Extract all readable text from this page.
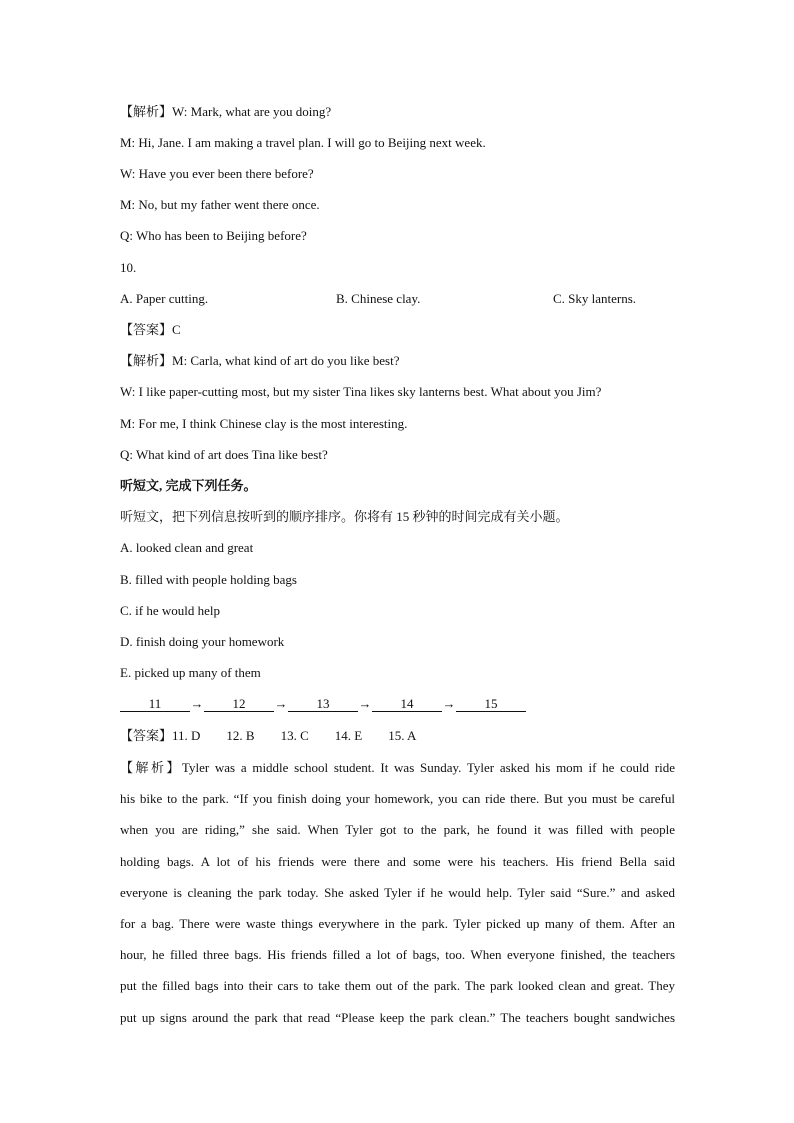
【解析】W: Mark, what are you doing?
M: Hi, Jane. I am making a travel plan. I will go to Beijing next week.
W: Have you ever been there before?
M: No, but my father went there once.
Q: Who has been to Beijing before?
10.
A. Paper cutting.	B. Chinese clay.	C. Sky lanterns.
【答案】C
【解析】M: Carla, what kind of art do you like best?
W: I like paper-cutting most, but my sister Tina likes sky lanterns best. What about you Jim?
M: For me, I think Chinese clay is the most interesting.
Q: What kind of art does Tina like best?
听短文, 完成下列任务。
听短文，把下列信息按听到的顺序排序。你将有 15 秒钟的时间完成有关小题。
A. looked clean and great
B. filled with people holding bags
C. if he would help
D. finish doing your homework
E. picked up many of them
11 → 12 → 13 → 14 → 15
【答案】11. D 12. B 13. C 14. E 15. A
【解析】Tyler was a middle school student. It was Sunday. Tyler asked his mom if he could ride
his bike to the park. “If you finish doing your homework, you can ride there. But you must be careful
when you are riding,” she said. When Tyler got to the park, he found it was filled with people
holding bags. A lot of his friends were there and some were his teachers. His friend Bella said
everyone is cleaning the park today. She asked Tyler if he would help. Tyler said “Sure.” and asked
for a bag. There were waste things everywhere in the park. Tyler picked up many of them. After an
hour, he filled three bags. His friends filled a lot of bags, too. When everyone finished, the teachers
put the filled bags into their cars to take them out of the park. The park looked clean and great. They
put up signs around the park that read “Please keep the park clean.” The teachers bought sandwiches
